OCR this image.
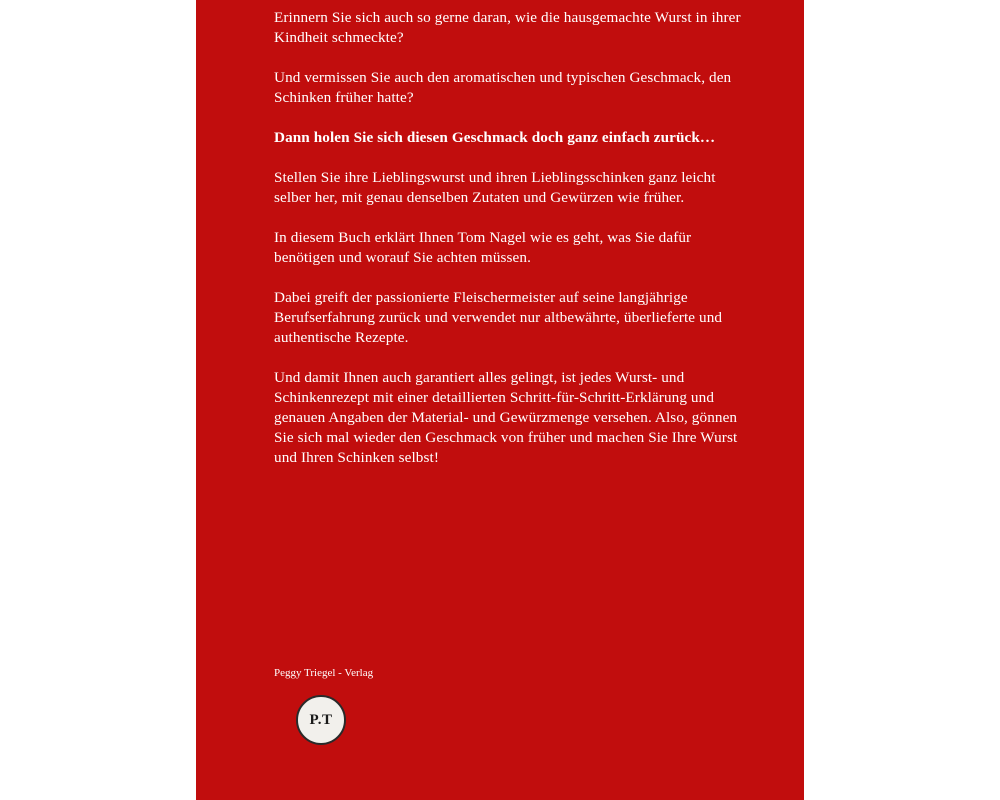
Erinnern Sie sich auch so gerne daran, wie die hausgemachte Wurst in ihrer Kindheit schmeckte?

Und vermissen Sie auch den aromatischen und typischen Geschmack, den Schinken früher hatte?

Dann holen Sie sich diesen Geschmack doch ganz einfach zurück…

Stellen Sie ihre Lieblingswurst und ihren Lieblingsschinken ganz leicht selber her, mit genau denselben Zutaten und Gewürzen wie früher.

In diesem Buch erklärt Ihnen Tom Nagel wie es geht, was Sie dafür benötigen und worauf Sie achten müssen.

Dabei greift der passionierte Fleischermeister auf seine langjährige Berufserfahrung zurück und verwendet nur altbewährte, überlieferte und authentische Rezepte.

Und damit Ihnen auch garantiert alles gelingt, ist jedes Wurst- und Schinkenrezept mit einer detaillierten Schritt-für-Schritt-Erklärung und genauen Angaben der Material- und Gewürzmenge versehen. Also, gönnen Sie sich mal wieder den Geschmack von früher und machen Sie Ihre Wurst und Ihren Schinken selbst!

Peggy Triegel - Verlag

P.T
